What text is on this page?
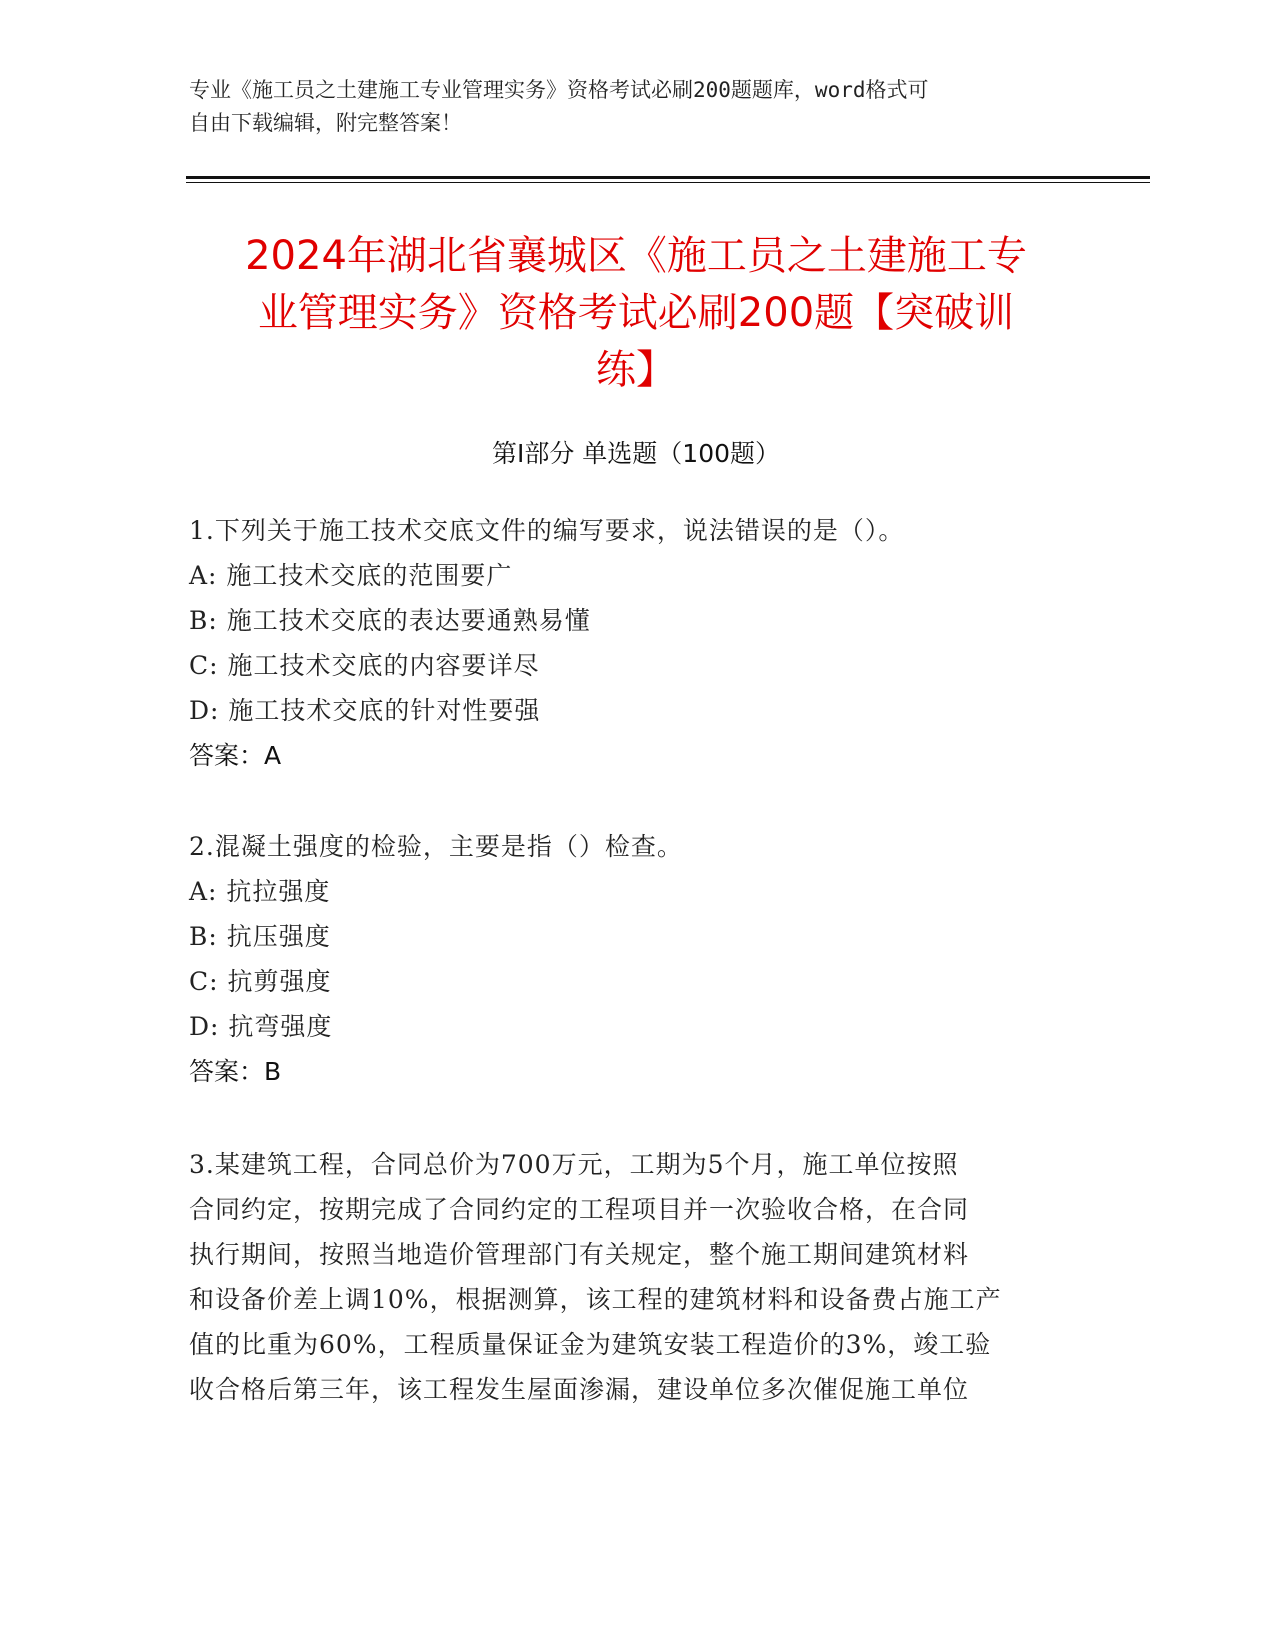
专业《施工员之土建施工专业管理实务》资格考试必刷200题题库，word格式可
自由下载编辑，附完整答案！
2024年湖北省襄城区《施工员之土建施工专
业管理实务》资格考试必刷200题【突破训
练】
第Ⅰ部分 单选题（100题）
1.下列关于施工技术交底文件的编写要求，说法错误的是（）。
A: 施工技术交底的范围要广
B: 施工技术交底的表达要通熟易懂
C: 施工技术交底的内容要详尽
D: 施工技术交底的针对性要强
答案：A
2.混凝土强度的检验，主要是指（）检查。
A: 抗拉强度
B: 抗压强度
C: 抗剪强度
D: 抗弯强度
答案：B
3.某建筑工程，合同总价为700万元，工期为5个月，施工单位按照
合同约定，按期完成了合同约定的工程项目并一次验收合格，在合同
执行期间，按照当地造价管理部门有关规定，整个施工期间建筑材料
和设备价差上调10%，根据测算，该工程的建筑材料和设备费占施工产
值的比重为60%，工程质量保证金为建筑安装工程造价的3%，竣工验
收合格后第三年，该工程发生屋面渗漏，建设单位多次催促施工单位
